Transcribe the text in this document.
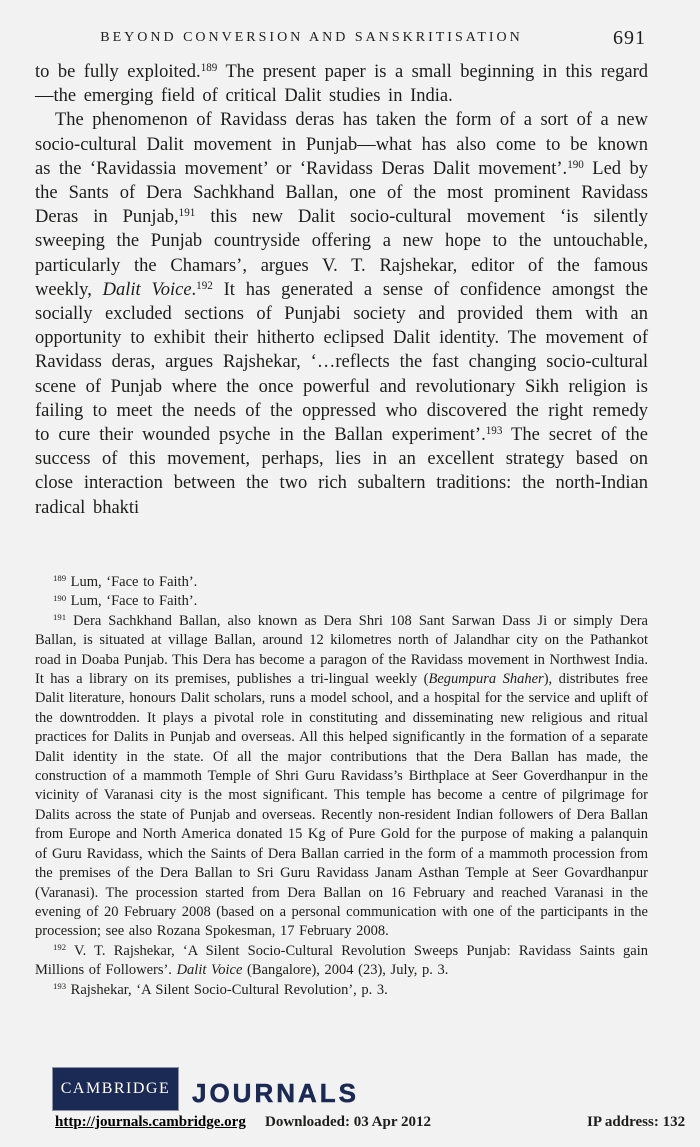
BEYOND CONVERSION AND SANSKRITISATION	691

to be fully exploited.$^{189}$ The present paper is a small beginning in this regard—the emerging field of critical Dalit studies in India.

The phenomenon of Ravidass deras has taken the form of a sort of a new socio-cultural Dalit movement in Punjab—what has also come to be known as the ‘Ravidassia movement’ or ‘Ravidass Deras Dalit movement’.$^{190}$ Led by the Sants of Dera Sachkhand Ballan, one of the most prominent Ravidass Deras in Punjab,$^{191}$ this new Dalit socio-cultural movement ‘is silently sweeping the Punjab countryside offering a new hope to the untouchable, particularly the Chamars’, argues V. T. Rajshekar, editor of the famous weekly, Dalit Voice.$^{192}$ It has generated a sense of confidence amongst the socially excluded sections of Punjabi society and provided them with an opportunity to exhibit their hitherto eclipsed Dalit identity. The movement of Ravidass deras, argues Rajshekar, ‘…reflects the fast changing socio-cultural scene of Punjab where the once powerful and revolutionary Sikh religion is failing to meet the needs of the oppressed who discovered the right remedy to cure their wounded psyche in the Ballan experiment’.$^{193}$ The secret of the success of this movement, perhaps, lies in an excellent strategy based on close interaction between the two rich subaltern traditions: the north-Indian radical bhakti

$^{189}$ Lum, ‘Face to Faith’.

$^{190}$ Lum, ‘Face to Faith’.

$^{191}$ Dera Sachkhand Ballan, also known as Dera Shri 108 Sant Sarwan Dass Ji or simply Dera Ballan, is situated at village Ballan, around 12 kilometres north of Jalandhar city on the Pathankot road in Doaba Punjab. This Dera has become a paragon of the Ravidass movement in Northwest India. It has a library on its premises, publishes a tri-lingual weekly (Begumpura Shaher), distributes free Dalit literature, honours Dalit scholars, runs a model school, and a hospital for the service and uplift of the downtrodden. It plays a pivotal role in constituting and disseminating new religious and ritual practices for Dalits in Punjab and overseas. All this helped significantly in the formation of a separate Dalit identity in the state. Of all the major contributions that the Dera Ballan has made, the construction of a mammoth Temple of Shri Guru Ravidass’s Birthplace at Seer Goverdhanpur in the vicinity of Varanasi city is the most significant. This temple has become a centre of pilgrimage for Dalits across the state of Punjab and overseas. Recently non-resident Indian followers of Dera Ballan from Europe and North America donated 15 Kg of Pure Gold for the purpose of making a palanquin of Guru Ravidass, which the Saints of Dera Ballan carried in the form of a mammoth procession from the premises of the Dera Ballan to Sri Guru Ravidass Janam Asthan Temple at Seer Govardhanpur (Varanasi). The procession started from Dera Ballan on 16 February and reached Varanasi in the evening of 20 February 2008 (based on a personal communication with one of the participants in the procession; see also Rozana Spokesman, 17 February 2008.

$^{192}$ V. T. Rajshekar, ‘A Silent Socio-Cultural Revolution Sweeps Punjab: Ravidass Saints gain Millions of Followers’. Dalit Voice (Bangalore), 2004 (23), July, p. 3.

$^{193}$ Rajshekar, ‘A Silent Socio-Cultural Revolution’, p. 3.

CAMBRIDGE JOURNALS
http://journals.cambridge.org Downloaded: 03 Apr 2012	IP address: 132
